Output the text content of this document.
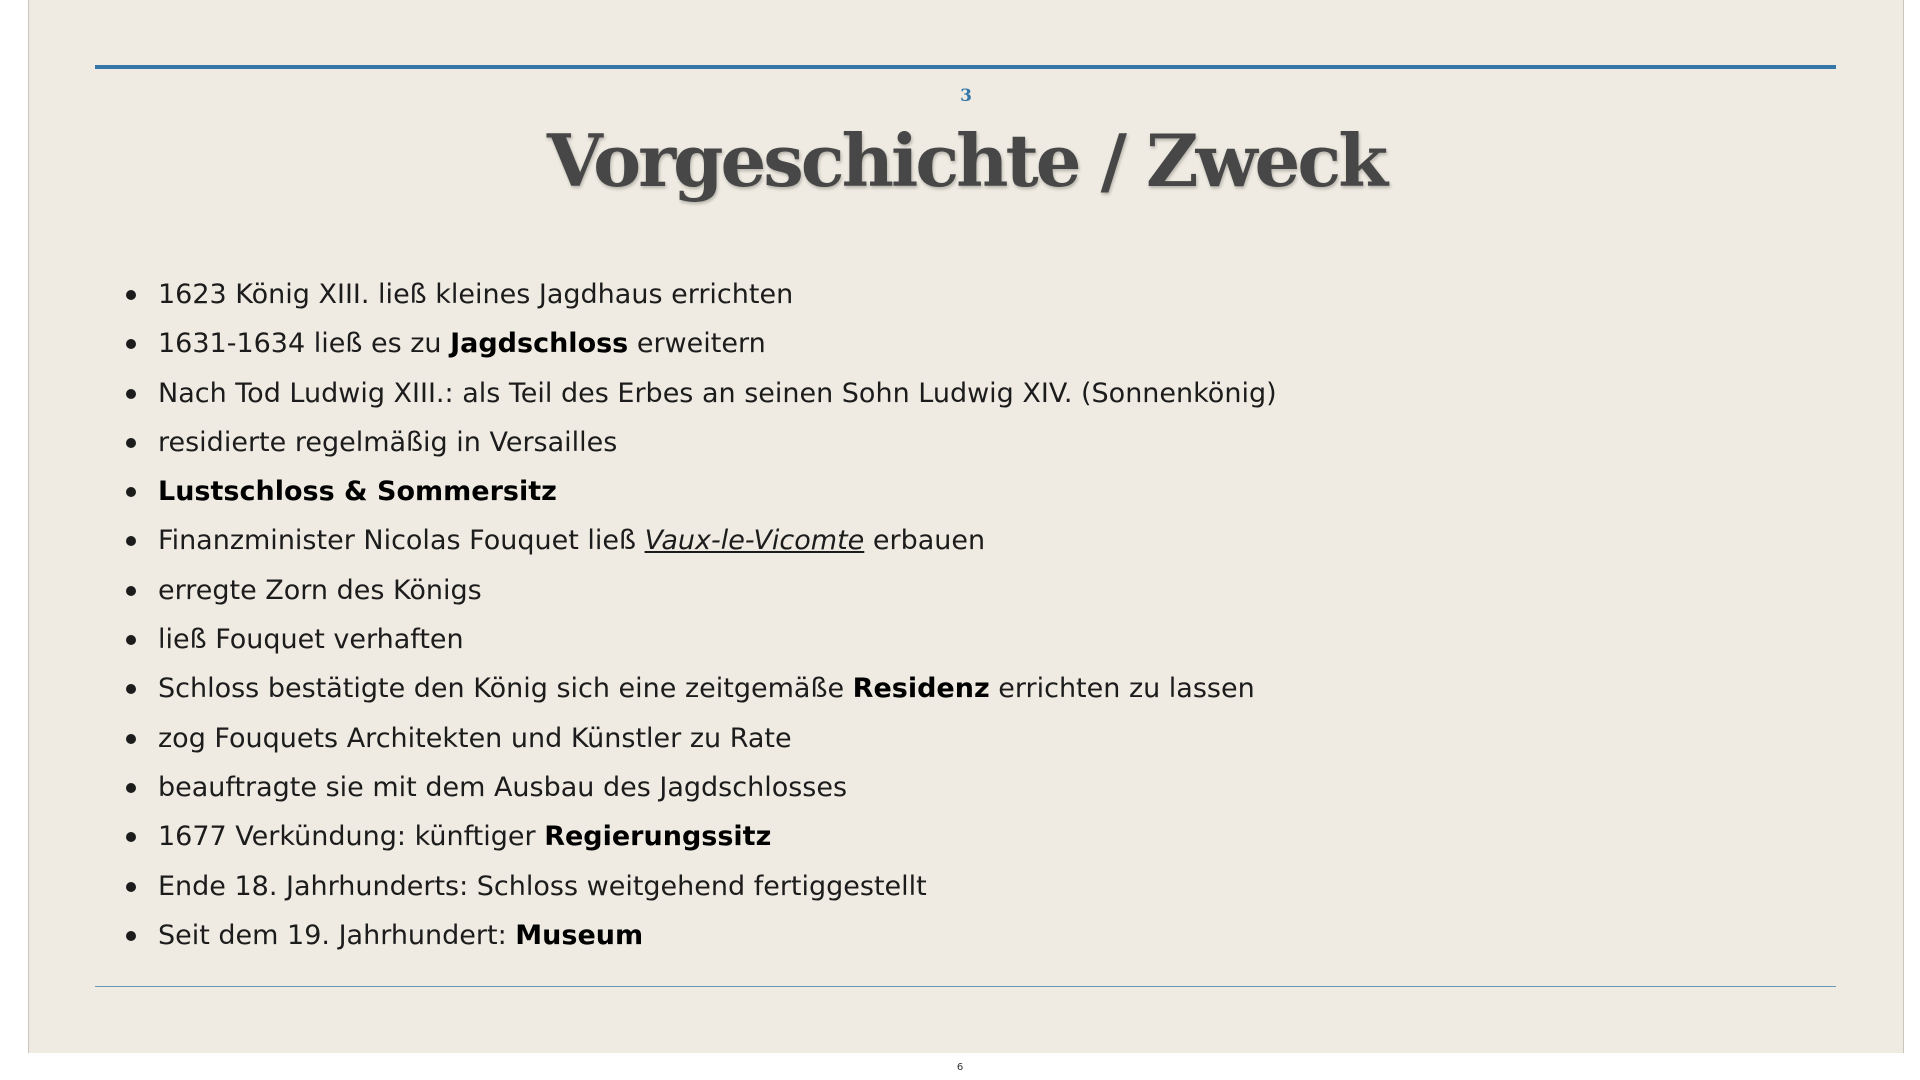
3
Vorgeschichte / Zweck
1623 König XIII. ließ kleines Jagdhaus errichten
1631-1634 ließ es zu Jagdschloss erweitern
Nach Tod Ludwig XIII.: als Teil des Erbes an seinen Sohn Ludwig XIV. (Sonnenkönig)
residierte regelmäßig in Versailles
Lustschloss & Sommersitz
Finanzminister Nicolas Fouquet ließ Vaux-le-Vicomte erbauen
erregte Zorn des Königs
ließ Fouquet verhaften
Schloss bestätigte den König sich eine zeitgemäße Residenz errichten zu lassen
zog Fouquets Architekten und Künstler zu Rate
beauftragte sie mit dem Ausbau des Jagdschlosses
1677 Verkündung: künftiger Regierungssitz
Ende 18. Jahrhunderts: Schloss weitgehend fertiggestellt
Seit dem 19. Jahrhundert: Museum
6
